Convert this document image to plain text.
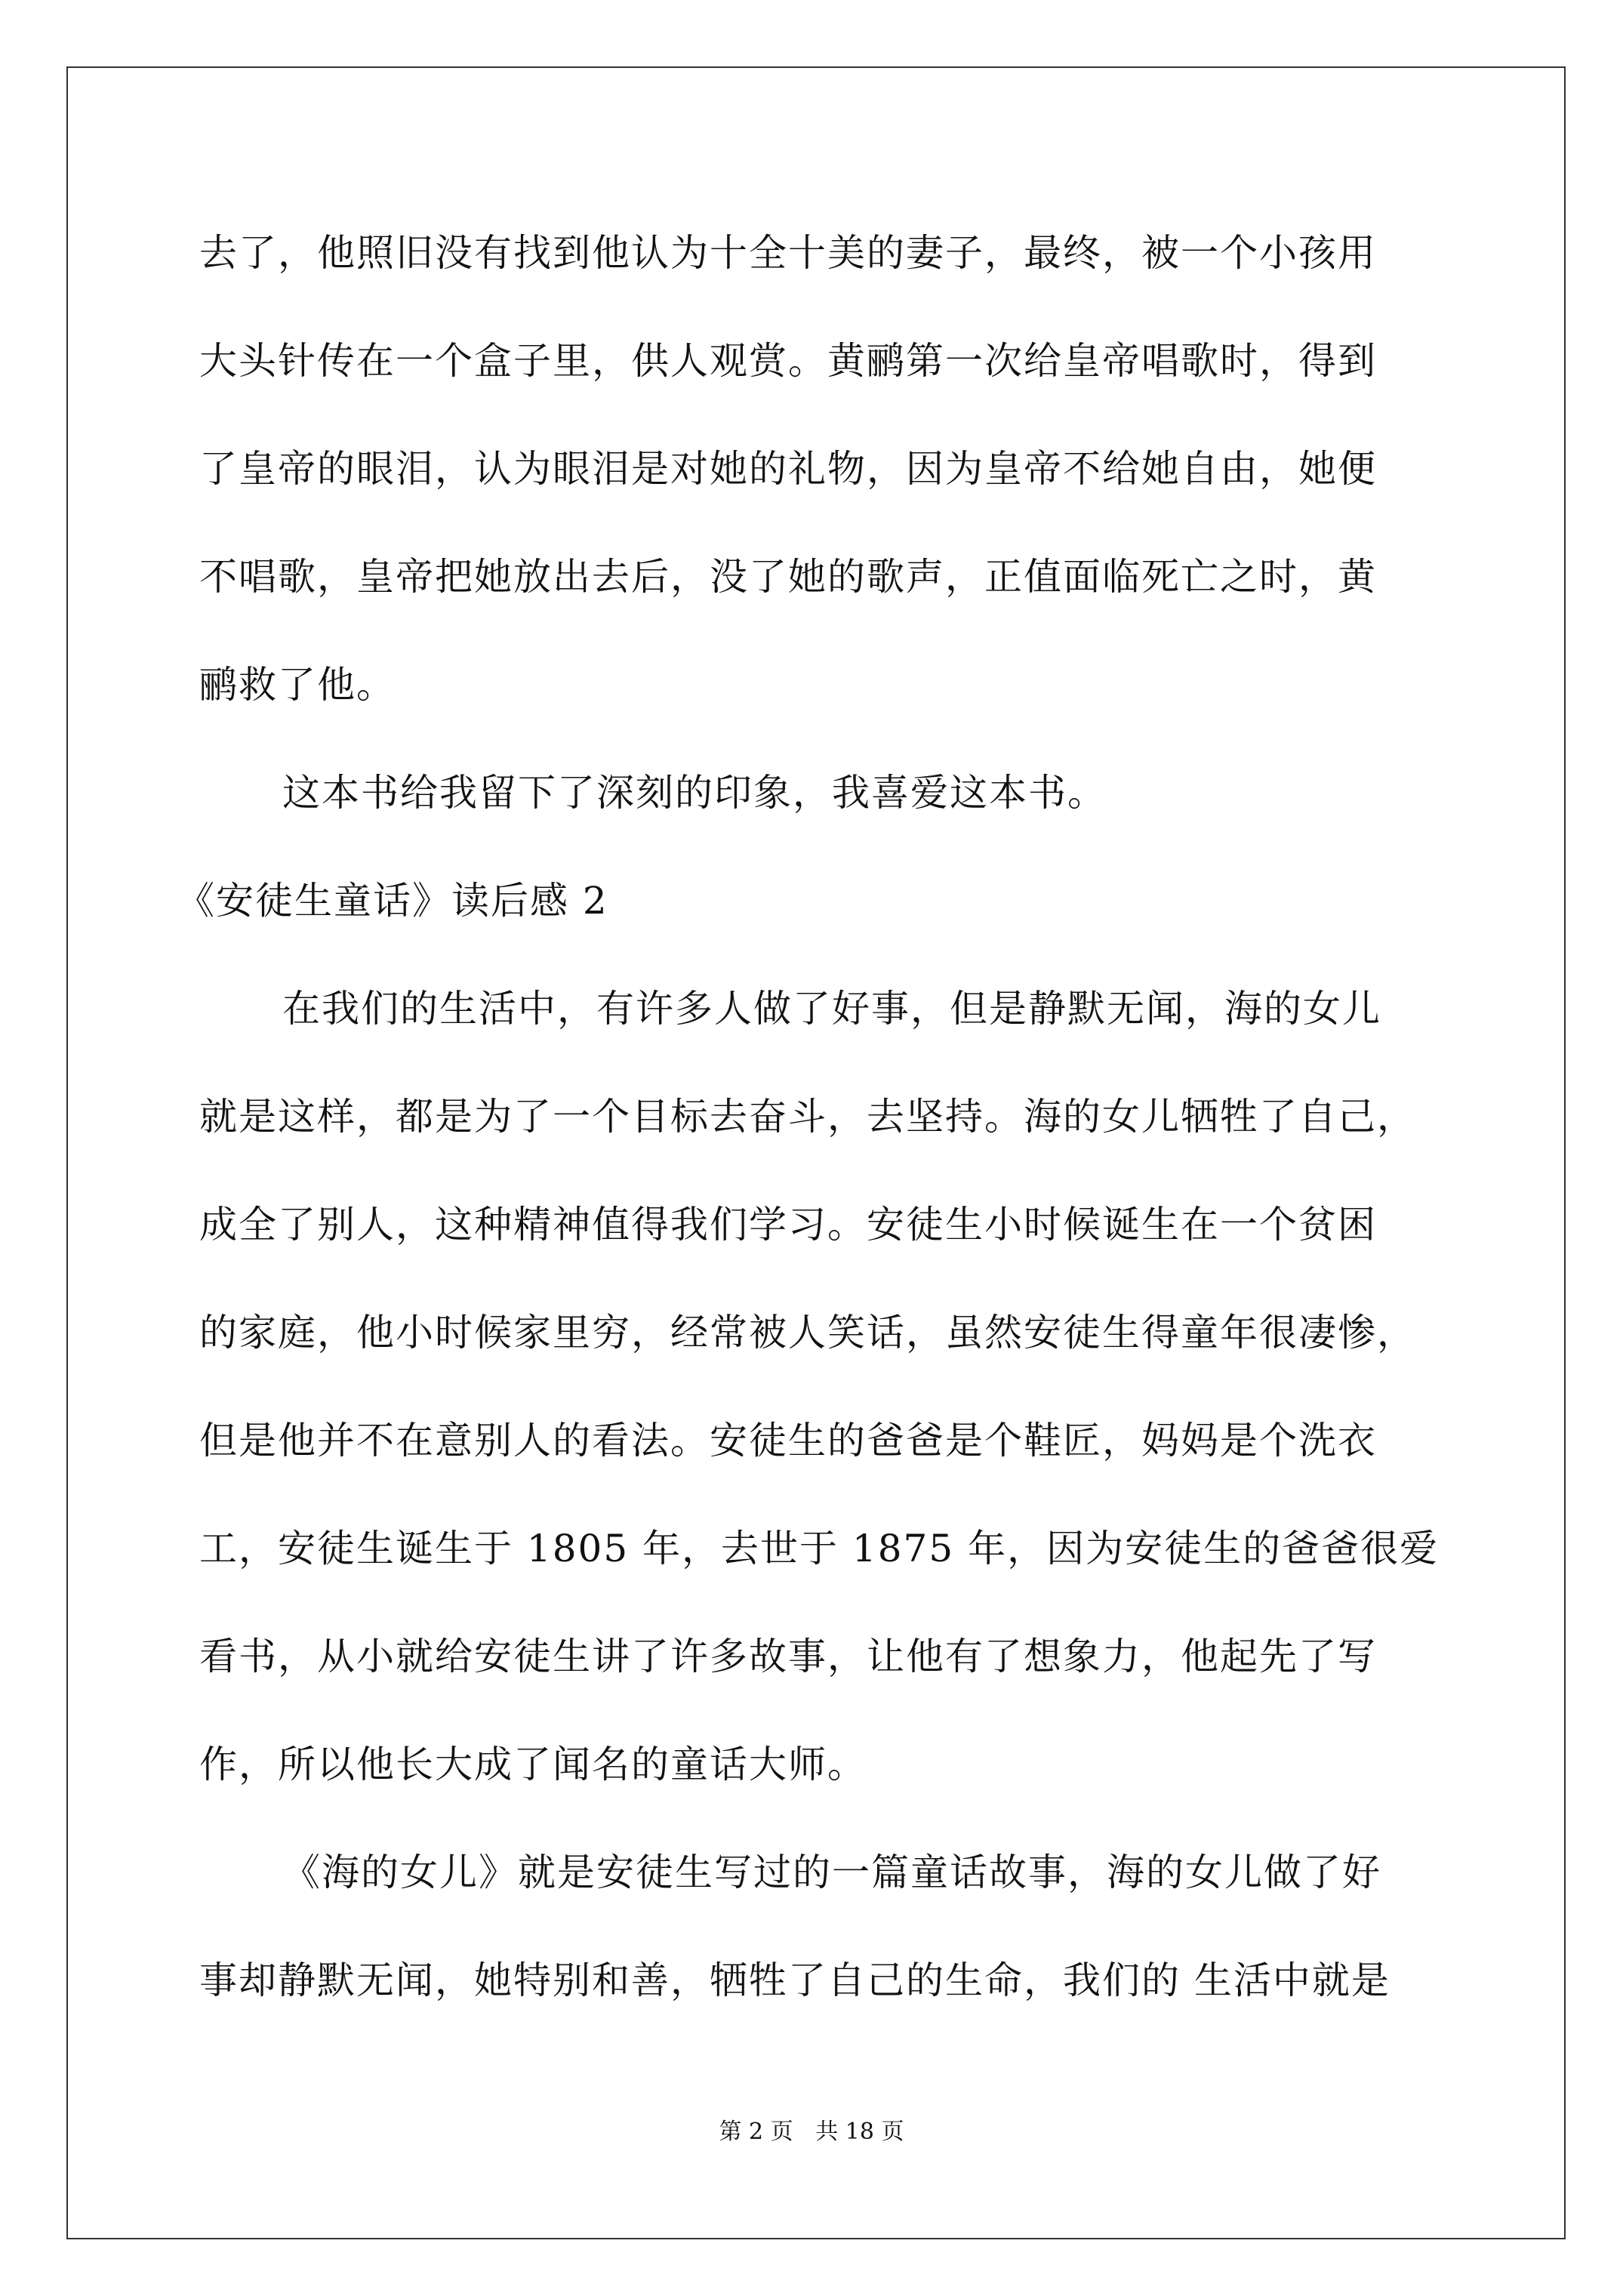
去了，他照旧没有找到他认为十全十美的妻子，最终，被一个小孩用
大头针传在一个盒子里，供人观赏。黄鹂第一次给皇帝唱歌时，得到
了皇帝的眼泪，认为眼泪是对她的礼物，因为皇帝不给她自由，她便
不唱歌，皇帝把她放出去后，没了她的歌声，正值面临死亡之时，黄
鹂救了他。
这本书给我留下了深刻的印象，我喜爱这本书。
《安徒生童话》读后感 2
在我们的生活中，有许多人做了好事，但是静默无闻，海的女儿
就是这样，都是为了一个目标去奋斗，去坚持。海的女儿牺牲了自己，
成全了别人，这种精神值得我们学习。安徒生小时候诞生在一个贫困
的家庭，他小时候家里穷，经常被人笑话，虽然安徒生得童年很凄惨，
但是他并不在意别人的看法。安徒生的爸爸是个鞋匠，妈妈是个洗衣
工，安徒生诞生于 1805 年，去世于 1875 年，因为安徒生的爸爸很爱
看书，从小就给安徒生讲了许多故事，让他有了想象力，他起先了写
作，所以他长大成了闻名的童话大师。
《海的女儿》就是安徒生写过的一篇童话故事，海的女儿做了好
事却静默无闻，她特别和善，牺牲了自己的生命，我们的 生活中就是
第 2 页 共 18 页
